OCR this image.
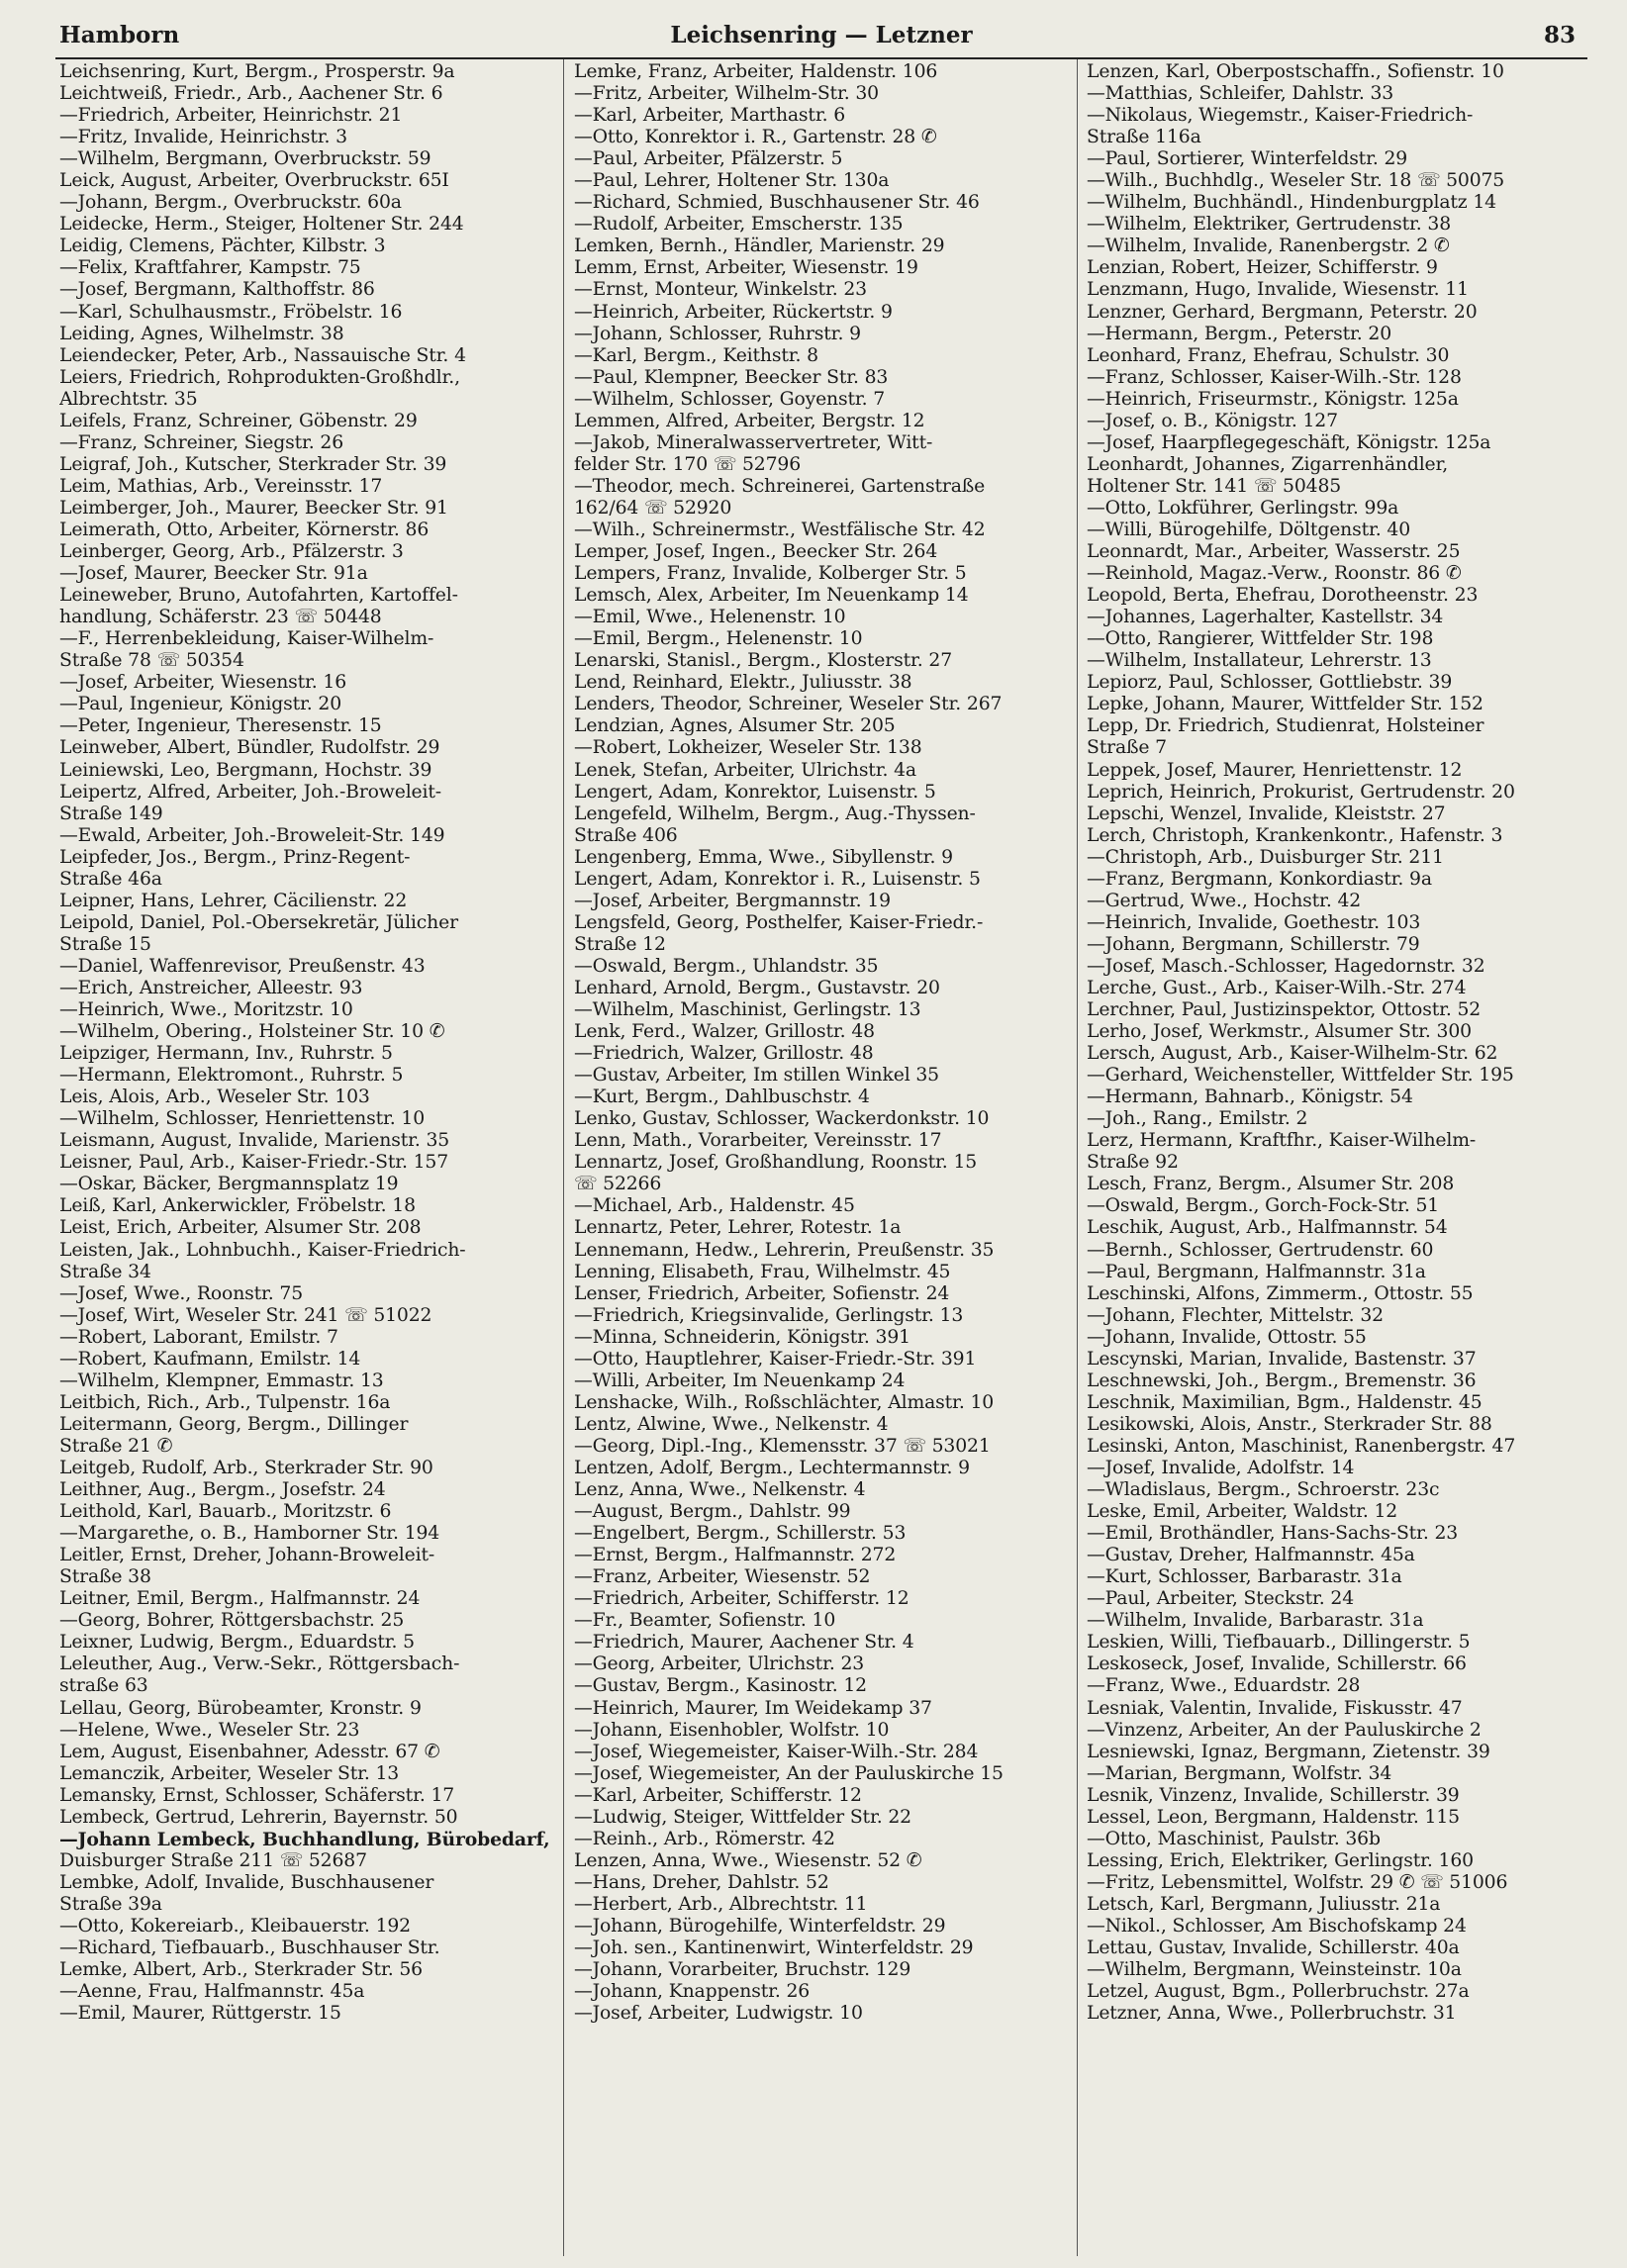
Hamborn	Leichsenring — Letzner	83
Leichsenring, Kurt, Bergm., Prosperstr. 9a
Leichtweiß, Friedr., Arb., Aachener Str. 6
—Friedrich, Arbeiter, Heinrichstr. 21
—Fritz, Invalide, Heinrichstr. 3
—Wilhelm, Bergmann, Overbruckstr. 59
Leick, August, Arbeiter, Overbruckstr. 65I
—Johann, Bergm., Overbruckstr. 60a
Leidecke, Herm., Steiger, Holtener Str. 244
Leidig, Clemens, Pächter, Kilbstr. 3
—Felix, Kraftfahrer, Kampstr. 75
—Josef, Bergmann, Kalthoffstr. 86
—Karl, Schulhausmstr., Fröbelstr. 16
Leiding, Agnes, Wilhelmstr. 38
Leiendecker, Peter, Arb., Nassauische Str. 4
Leiers, Friedrich, Rohprodukten-Großhdlr.,
Albrechtstr. 35
Leifels, Franz, Schreiner, Göbenstr. 29
—Franz, Schreiner, Siegstr. 26
Leigraf, Joh., Kutscher, Sterkrader Str. 39
Leim, Mathias, Arb., Vereinsstr. 17
Leimberger, Joh., Maurer, Beecker Str. 91
Leimerath, Otto, Arbeiter, Körnerstr. 86
Leinberger, Georg, Arb., Pfälzerstr. 3
—Josef, Maurer, Beecker Str. 91a
Leineweber, Bruno, Autofahrten, Kartoffel-
handlung, Schäferstr. 23 ☏ 50448
—F., Herrenbekleidung, Kaiser-Wilhelm-
Straße 78 ☏ 50354
—Josef, Arbeiter, Wiesenstr. 16
—Paul, Ingenieur, Königstr. 20
—Peter, Ingenieur, Theresenstr. 15
Leinweber, Albert, Bündler, Rudolfstr. 29
Leiniewski, Leo, Bergmann, Hochstr. 39
Leipertz, Alfred, Arbeiter, Joh.-Broweleit-
Straße 149
—Ewald, Arbeiter, Joh.-Broweleit-Str. 149
Leipfeder, Jos., Bergm., Prinz-Regent-
Straße 46a
Leipner, Hans, Lehrer, Cäcilienstr. 22
Leipold, Daniel, Pol.-Obersekretär, Jülicher
Straße 15
—Daniel, Waffenrevisor, Preußenstr. 43
—Erich, Anstreicher, Alleestr. 93
—Heinrich, Wwe., Moritzstr. 10
—Wilhelm, Obering., Holsteiner Str. 10 ✆
Leipziger, Hermann, Inv., Ruhrstr. 5
—Hermann, Elektromont., Ruhrstr. 5
Leis, Alois, Arb., Weseler Str. 103
—Wilhelm, Schlosser, Henriettenstr. 10
Leismann, August, Invalide, Marienstr. 35
Leisner, Paul, Arb., Kaiser-Friedr.-Str. 157
—Oskar, Bäcker, Bergmannsplatz 19
Leiß, Karl, Ankerwickler, Fröbelstr. 18
Leist, Erich, Arbeiter, Alsumer Str. 208
Leisten, Jak., Lohnbuchh., Kaiser-Friedrich-
Straße 34
—Josef, Wwe., Roonstr. 75
—Josef, Wirt, Weseler Str. 241 ☏ 51022
—Robert, Laborant, Emilstr. 7
—Robert, Kaufmann, Emilstr. 14
—Wilhelm, Klempner, Emmastr. 13
Leitbich, Rich., Arb., Tulpenstr. 16a
Leitermann, Georg, Bergm., Dillinger
Straße 21 ✆
Leitgeb, Rudolf, Arb., Sterkrader Str. 90
Leithner, Aug., Bergm., Josefstr. 24
Leithold, Karl, Bauarb., Moritzstr. 6
—Margarethe, o. B., Hamborner Str. 194
Leitler, Ernst, Dreher, Johann-Broweleit-
Straße 38
Leitner, Emil, Bergm., Halfmannstr. 24
—Georg, Bohrer, Röttgersbachstr. 25
Leixner, Ludwig, Bergm., Eduardstr. 5
Leleuther, Aug., Verw.-Sekr., Röttgersbach-
straße 63
Lellau, Georg, Bürobeamter, Kronstr. 9
—Helene, Wwe., Weseler Str. 23
Lem, August, Eisenbahner, Adesstr. 67 ✆
Lemanczik, Arbeiter, Weseler Str. 13
Lemansky, Ernst, Schlosser, Schäferstr. 17
Lembeck, Gertrud, Lehrerin, Bayernstr. 50
—Johann Lembeck, Buchhandlung, Bürobedarf,
Duisburger Straße 211 ☏ 52687
Lembke, Adolf, Invalide, Buschhausener
Straße 39a
—Otto, Kokereiarb., Kleibauerstr. 192
—Richard, Tiefbauarb., Buschhauser Str.
Lemke, Albert, Arb., Sterkrader Str. 56
—Aenne, Frau, Halfmannstr. 45a
—Emil, Maurer, Rüttgerstr. 15
Lemke, Franz, Arbeiter, Haldenstr. 106
—Fritz, Arbeiter, Wilhelm-Str. 30
—Karl, Arbeiter, Marthastr. 6
—Otto, Konrektor i. R., Gartenstr. 28 ✆
—Paul, Arbeiter, Pfälzerstr. 5
—Paul, Lehrer, Holtener Str. 130a
—Richard, Schmied, Buschhausener Str. 46
—Rudolf, Arbeiter, Emscherstr. 135
Lemken, Bernh., Händler, Marienstr. 29
Lemm, Ernst, Arbeiter, Wiesenstr. 19
—Ernst, Monteur, Winkelstr. 23
—Heinrich, Arbeiter, Rückertstr. 9
—Johann, Schlosser, Ruhrstr. 9
—Karl, Bergm., Keithstr. 8
—Paul, Klempner, Beecker Str. 83
—Wilhelm, Schlosser, Goyenstr. 7
Lemmen, Alfred, Arbeiter, Bergstr. 12
—Jakob, Mineralwasservertreter, Witt-
felder Str. 170 ☏ 52796
—Theodor, mech. Schreinerei, Gartenstraße
162/64 ☏ 52920
—Wilh., Schreinermstr., Westfälische Str. 42
Lemper, Josef, Ingen., Beecker Str. 264
Lempers, Franz, Invalide, Kolberger Str. 5
Lemsch, Alex, Arbeiter, Im Neuenkamp 14
—Emil, Wwe., Helenenstr. 10
—Emil, Bergm., Helenenstr. 10
Lenarski, Stanisl., Bergm., Klosterstr. 27
Lend, Reinhard, Elektr., Juliusstr. 38
Lenders, Theodor, Schreiner, Weseler Str. 267
Lendzian, Agnes, Alsumer Str. 205
—Robert, Lokheizer, Weseler Str. 138
Lenek, Stefan, Arbeiter, Ulrichstr. 4a
Lengert, Adam, Konrektor, Luisenstr. 5
Lengefeld, Wilhelm, Bergm., Aug.-Thyssen-
Straße 406
Lengenberg, Emma, Wwe., Sibyllenstr. 9
Lengert, Adam, Konrektor i. R., Luisenstr. 5
—Josef, Arbeiter, Bergmannstr. 19
Lengsfeld, Georg, Posthelfer, Kaiser-Friedr.-
Straße 12
—Oswald, Bergm., Uhlandstr. 35
Lenhard, Arnold, Bergm., Gustavstr. 20
—Wilhelm, Maschinist, Gerlingstr. 13
Lenk, Ferd., Walzer, Grillostr. 48
—Friedrich, Walzer, Grillostr. 48
—Gustav, Arbeiter, Im stillen Winkel 35
—Kurt, Bergm., Dahlbuschstr. 4
Lenko, Gustav, Schlosser, Wackerdonkstr. 10
Lenn, Math., Vorarbeiter, Vereinsstr. 17
Lennartz, Josef, Großhandlung, Roonstr. 15
☏ 52266
—Michael, Arb., Haldenstr. 45
Lennartz, Peter, Lehrer, Rotestr. 1a
Lennemann, Hedw., Lehrerin, Preußenstr. 35
Lenning, Elisabeth, Frau, Wilhelmstr. 45
Lenser, Friedrich, Arbeiter, Sofienstr. 24
—Friedrich, Kriegsinvalide, Gerlingstr. 13
—Minna, Schneiderin, Königstr. 391
—Otto, Hauptlehrer, Kaiser-Friedr.-Str. 391
—Willi, Arbeiter, Im Neuenkamp 24
Lenshacke, Wilh., Roßschlächter, Almastr. 10
Lentz, Alwine, Wwe., Nelkenstr. 4
—Georg, Dipl.-Ing., Klemensstr. 37 ☏ 53021
Lentzen, Adolf, Bergm., Lechtermannstr. 9
Lenz, Anna, Wwe., Nelkenstr. 4
—August, Bergm., Dahlstr. 99
—Engelbert, Bergm., Schillerstr. 53
—Ernst, Bergm., Halfmannstr. 272
—Franz, Arbeiter, Wiesenstr. 52
—Friedrich, Arbeiter, Schifferstr. 12
—Fr., Beamter, Sofienstr. 10
—Friedrich, Maurer, Aachener Str. 4
—Georg, Arbeiter, Ulrichstr. 23
—Gustav, Bergm., Kasinostr. 12
—Heinrich, Maurer, Im Weidekamp 37
—Johann, Eisenhobler, Wolfstr. 10
—Josef, Wiegemeister, Kaiser-Wilh.-Str. 284
—Josef, Wiegemeister, An der Pauluskirche 15
—Karl, Arbeiter, Schifferstr. 12
—Ludwig, Steiger, Wittfelder Str. 22
—Reinh., Arb., Römerstr. 42
Lenzen, Anna, Wwe., Wiesenstr. 52 ✆
—Hans, Dreher, Dahlstr. 52
—Herbert, Arb., Albrechtstr. 11
—Johann, Bürogehilfe, Winterfeldstr. 29
—Joh. sen., Kantinenwirt, Winterfeldstr. 29
—Johann, Vorarbeiter, Bruchstr. 129
—Johann, Knappenstr. 26
—Josef, Arbeiter, Ludwigstr. 10
Lenzen, Karl, Oberpostschaffn., Sofienstr. 10
—Matthias, Schleifer, Dahlstr. 33
—Nikolaus, Wiegemstr., Kaiser-Friedrich-
Straße 116a
—Paul, Sortierer, Winterfeldstr. 29
—Wilh., Buchhdlg., Weseler Str. 18 ☏ 50075
—Wilhelm, Buchhändl., Hindenburgplatz 14
—Wilhelm, Elektriker, Gertrudenstr. 38
—Wilhelm, Invalide, Ranenbergstr. 2 ✆
Lenzian, Robert, Heizer, Schifferstr. 9
Lenzmann, Hugo, Invalide, Wiesenstr. 11
Lenzner, Gerhard, Bergmann, Peterstr. 20
—Hermann, Bergm., Peterstr. 20
Leonhard, Franz, Ehefrau, Schulstr. 30
—Franz, Schlosser, Kaiser-Wilh.-Str. 128
—Heinrich, Friseurmstr., Königstr. 125a
—Josef, o. B., Königstr. 127
—Josef, Haarpflegegeschäft, Königstr. 125a
Leonhardt, Johannes, Zigarrenhändler,
Holtener Str. 141 ☏ 50485
—Otto, Lokführer, Gerlingstr. 99a
—Willi, Bürogehilfe, Döltgenstr. 40
Leonnardt, Mar., Arbeiter, Wasserstr. 25
—Reinhold, Magaz.-Verw., Roonstr. 86 ✆
Leopold, Berta, Ehefrau, Dorotheenstr. 23
—Johannes, Lagerhalter, Kastellstr. 34
—Otto, Rangierer, Wittfelder Str. 198
—Wilhelm, Installateur, Lehrerstr. 13
Lepiorz, Paul, Schlosser, Gottliebstr. 39
Lepke, Johann, Maurer, Wittfelder Str. 152
Lepp, Dr. Friedrich, Studienrat, Holsteiner
Straße 7
Leppek, Josef, Maurer, Henriettenstr. 12
Leprich, Heinrich, Prokurist, Gertrudenstr. 20
Lepschi, Wenzel, Invalide, Kleiststr. 27
Lerch, Christoph, Krankenkontr., Hafenstr. 3
—Christoph, Arb., Duisburger Str. 211
—Franz, Bergmann, Konkordiastr. 9a
—Gertrud, Wwe., Hochstr. 42
—Heinrich, Invalide, Goethestr. 103
—Johann, Bergmann, Schillerstr. 79
—Josef, Masch.-Schlosser, Hagedornstr. 32
Lerche, Gust., Arb., Kaiser-Wilh.-Str. 274
Lerchner, Paul, Justizinspektor, Ottostr. 52
Lerho, Josef, Werkmstr., Alsumer Str. 300
Lersch, August, Arb., Kaiser-Wilhelm-Str. 62
—Gerhard, Weichensteller, Wittfelder Str. 195
—Hermann, Bahnarb., Königstr. 54
—Joh., Rang., Emilstr. 2
Lerz, Hermann, Kraftfhr., Kaiser-Wilhelm-
Straße 92
Lesch, Franz, Bergm., Alsumer Str. 208
—Oswald, Bergm., Gorch-Fock-Str. 51
Leschik, August, Arb., Halfmannstr. 54
—Bernh., Schlosser, Gertrudenstr. 60
—Paul, Bergmann, Halfmannstr. 31a
Leschinski, Alfons, Zimmerm., Ottostr. 55
—Johann, Flechter, Mittelstr. 32
—Johann, Invalide, Ottostr. 55
Lescynski, Marian, Invalide, Bastenstr. 37
Leschnewski, Joh., Bergm., Bremenstr. 36
Leschnik, Maximilian, Bgm., Haldenstr. 45
Lesikowski, Alois, Anstr., Sterkrader Str. 88
Lesinski, Anton, Maschinist, Ranenbergstr. 47
—Josef, Invalide, Adolfstr. 14
—Wladislaus, Bergm., Schroerstr. 23c
Leske, Emil, Arbeiter, Waldstr. 12
—Emil, Brothändler, Hans-Sachs-Str. 23
—Gustav, Dreher, Halfmannstr. 45a
—Kurt, Schlosser, Barbarastr. 31a
—Paul, Arbeiter, Steckstr. 24
—Wilhelm, Invalide, Barbarastr. 31a
Leskien, Willi, Tiefbauarb., Dillingerstr. 5
Leskoseck, Josef, Invalide, Schillerstr. 66
—Franz, Wwe., Eduardstr. 28
Lesniak, Valentin, Invalide, Fiskusstr. 47
—Vinzenz, Arbeiter, An der Pauluskirche 2
Lesniewski, Ignaz, Bergmann, Zietenstr. 39
—Marian, Bergmann, Wolfstr. 34
Lesnik, Vinzenz, Invalide, Schillerstr. 39
Lessel, Leon, Bergmann, Haldenstr. 115
—Otto, Maschinist, Paulstr. 36b
Lessing, Erich, Elektriker, Gerlingstr. 160
—Fritz, Lebensmittel, Wolfstr. 29 ✆ ☏ 51006
Letsch, Karl, Bergmann, Juliusstr. 21a
—Nikol., Schlosser, Am Bischofskamp 24
Lettau, Gustav, Invalide, Schillerstr. 40a
—Wilhelm, Bergmann, Weinsteinstr. 10a
Letzel, August, Bgm., Pollerbruchstr. 27a
Letzner, Anna, Wwe., Pollerbruchstr. 31
